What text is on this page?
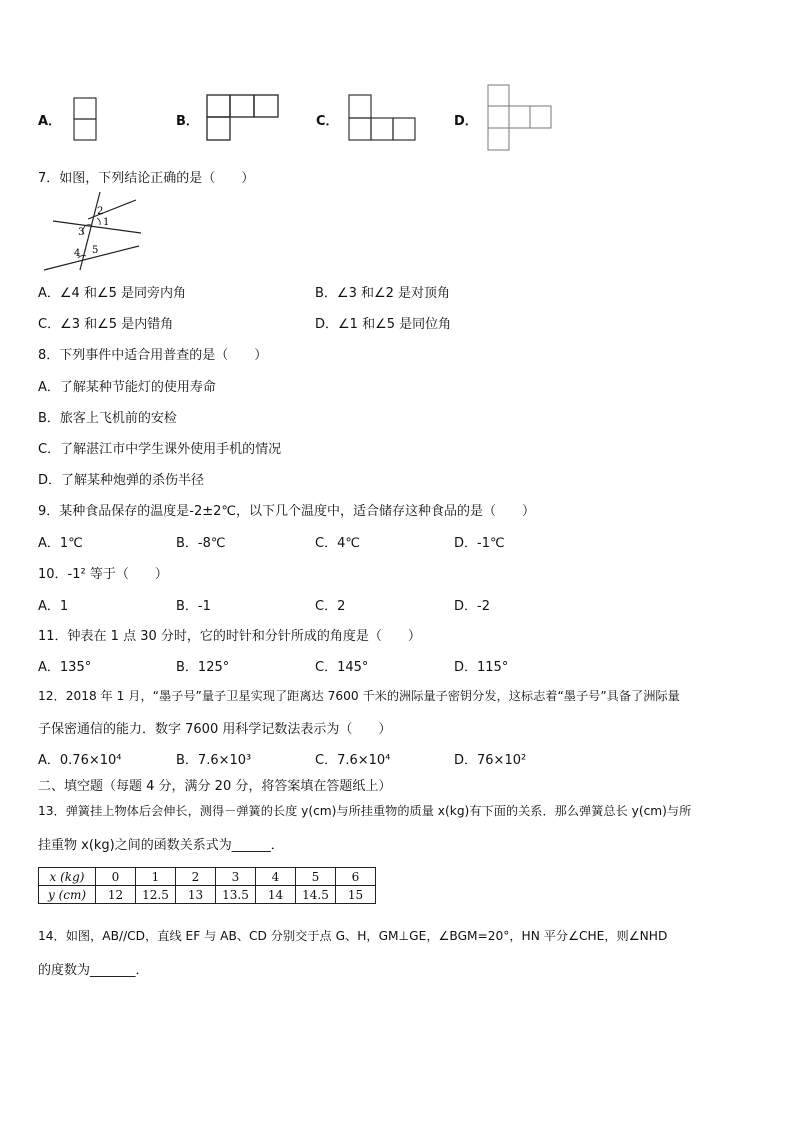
A．	B．	C．	D．
7．如图，下列结论正确的是（　　）
2
1
3
4 5
A．∠4 和∠5 是同旁内角	B．∠3 和∠2 是对顶角
C．∠3 和∠5 是内错角	D．∠1 和∠5 是同位角
8．下列事件中适合用普查的是（　　）
A．了解某种节能灯的使用寿命
B．旅客上飞机前的安检
C．了解湛江市中学生课外使用手机的情况
D．了解某种炮弹的杀伤半径
9．某种食品保存的温度是-2±2℃，以下几个温度中，适合储存这种食品的是（　　）
A．1℃	B．-8℃	C．4℃	D．-1℃
10．-1² 等于（　　）
A．1	B．-1	C．2	D．-2
11．钟表在 1 点 30 分时，它的时针和分针所成的角度是（　　）
A．135°	B．125°	C．145°	D．115°
12．2018 年 1 月，“墨子号”量子卫星实现了距离达 7600 千米的洲际量子密钥分发，这标志着“墨子号”具备了洲际量
子保密通信的能力．数字 7600 用科学记数法表示为（　　）
A．0.76×10⁴	B．7.6×10³	C．7.6×10⁴	D．76×10²
二、填空题（每题 4 分，满分 20 分，将答案填在答题纸上）
13．弹簧挂上物体后会伸长，测得－弹簧的长度 y(cm)与所挂重物的质量 x(kg)有下面的关系．那么弹簧总长 y(cm)与所
挂重物 x(kg)之间的函数关系式为______．
x (kg)	0	1	2	3	4	5	6
y (cm)	12	12.5	13	13.5	14	14.5	15
14．如图，AB//CD，直线 EF 与 AB、CD 分别交于点 G、H，GM⊥GE，∠BGM=20°，HN 平分∠CHE，则∠NHD
的度数为_______．
